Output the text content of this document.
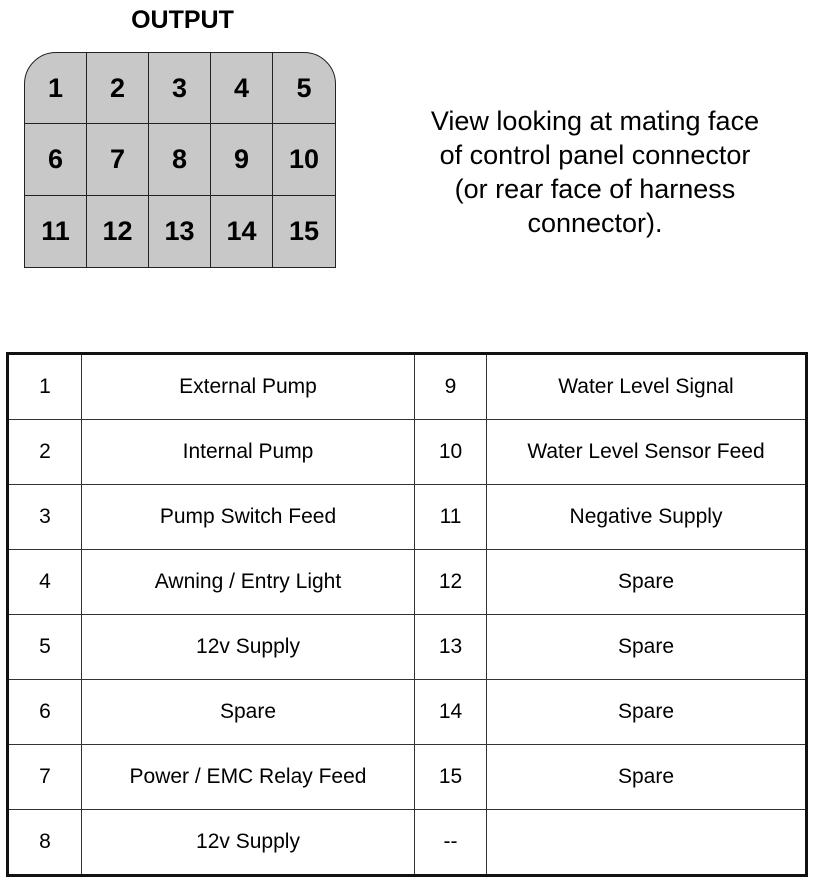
OUTPUT
1	2	3	4	5
6	7	8	9	10
11	12	13	14	15
View looking at mating face
of control panel connector
(or rear face of harness
connector).
1	External Pump	9	Water Level Signal
2	Internal Pump	10	Water Level Sensor Feed
3	Pump Switch Feed	11	Negative Supply
4	Awning / Entry Light	12	Spare
5	12v Supply	13	Spare
6	Spare	14	Spare
7	Power / EMC Relay Feed	15	Spare
8	12v Supply	--	
